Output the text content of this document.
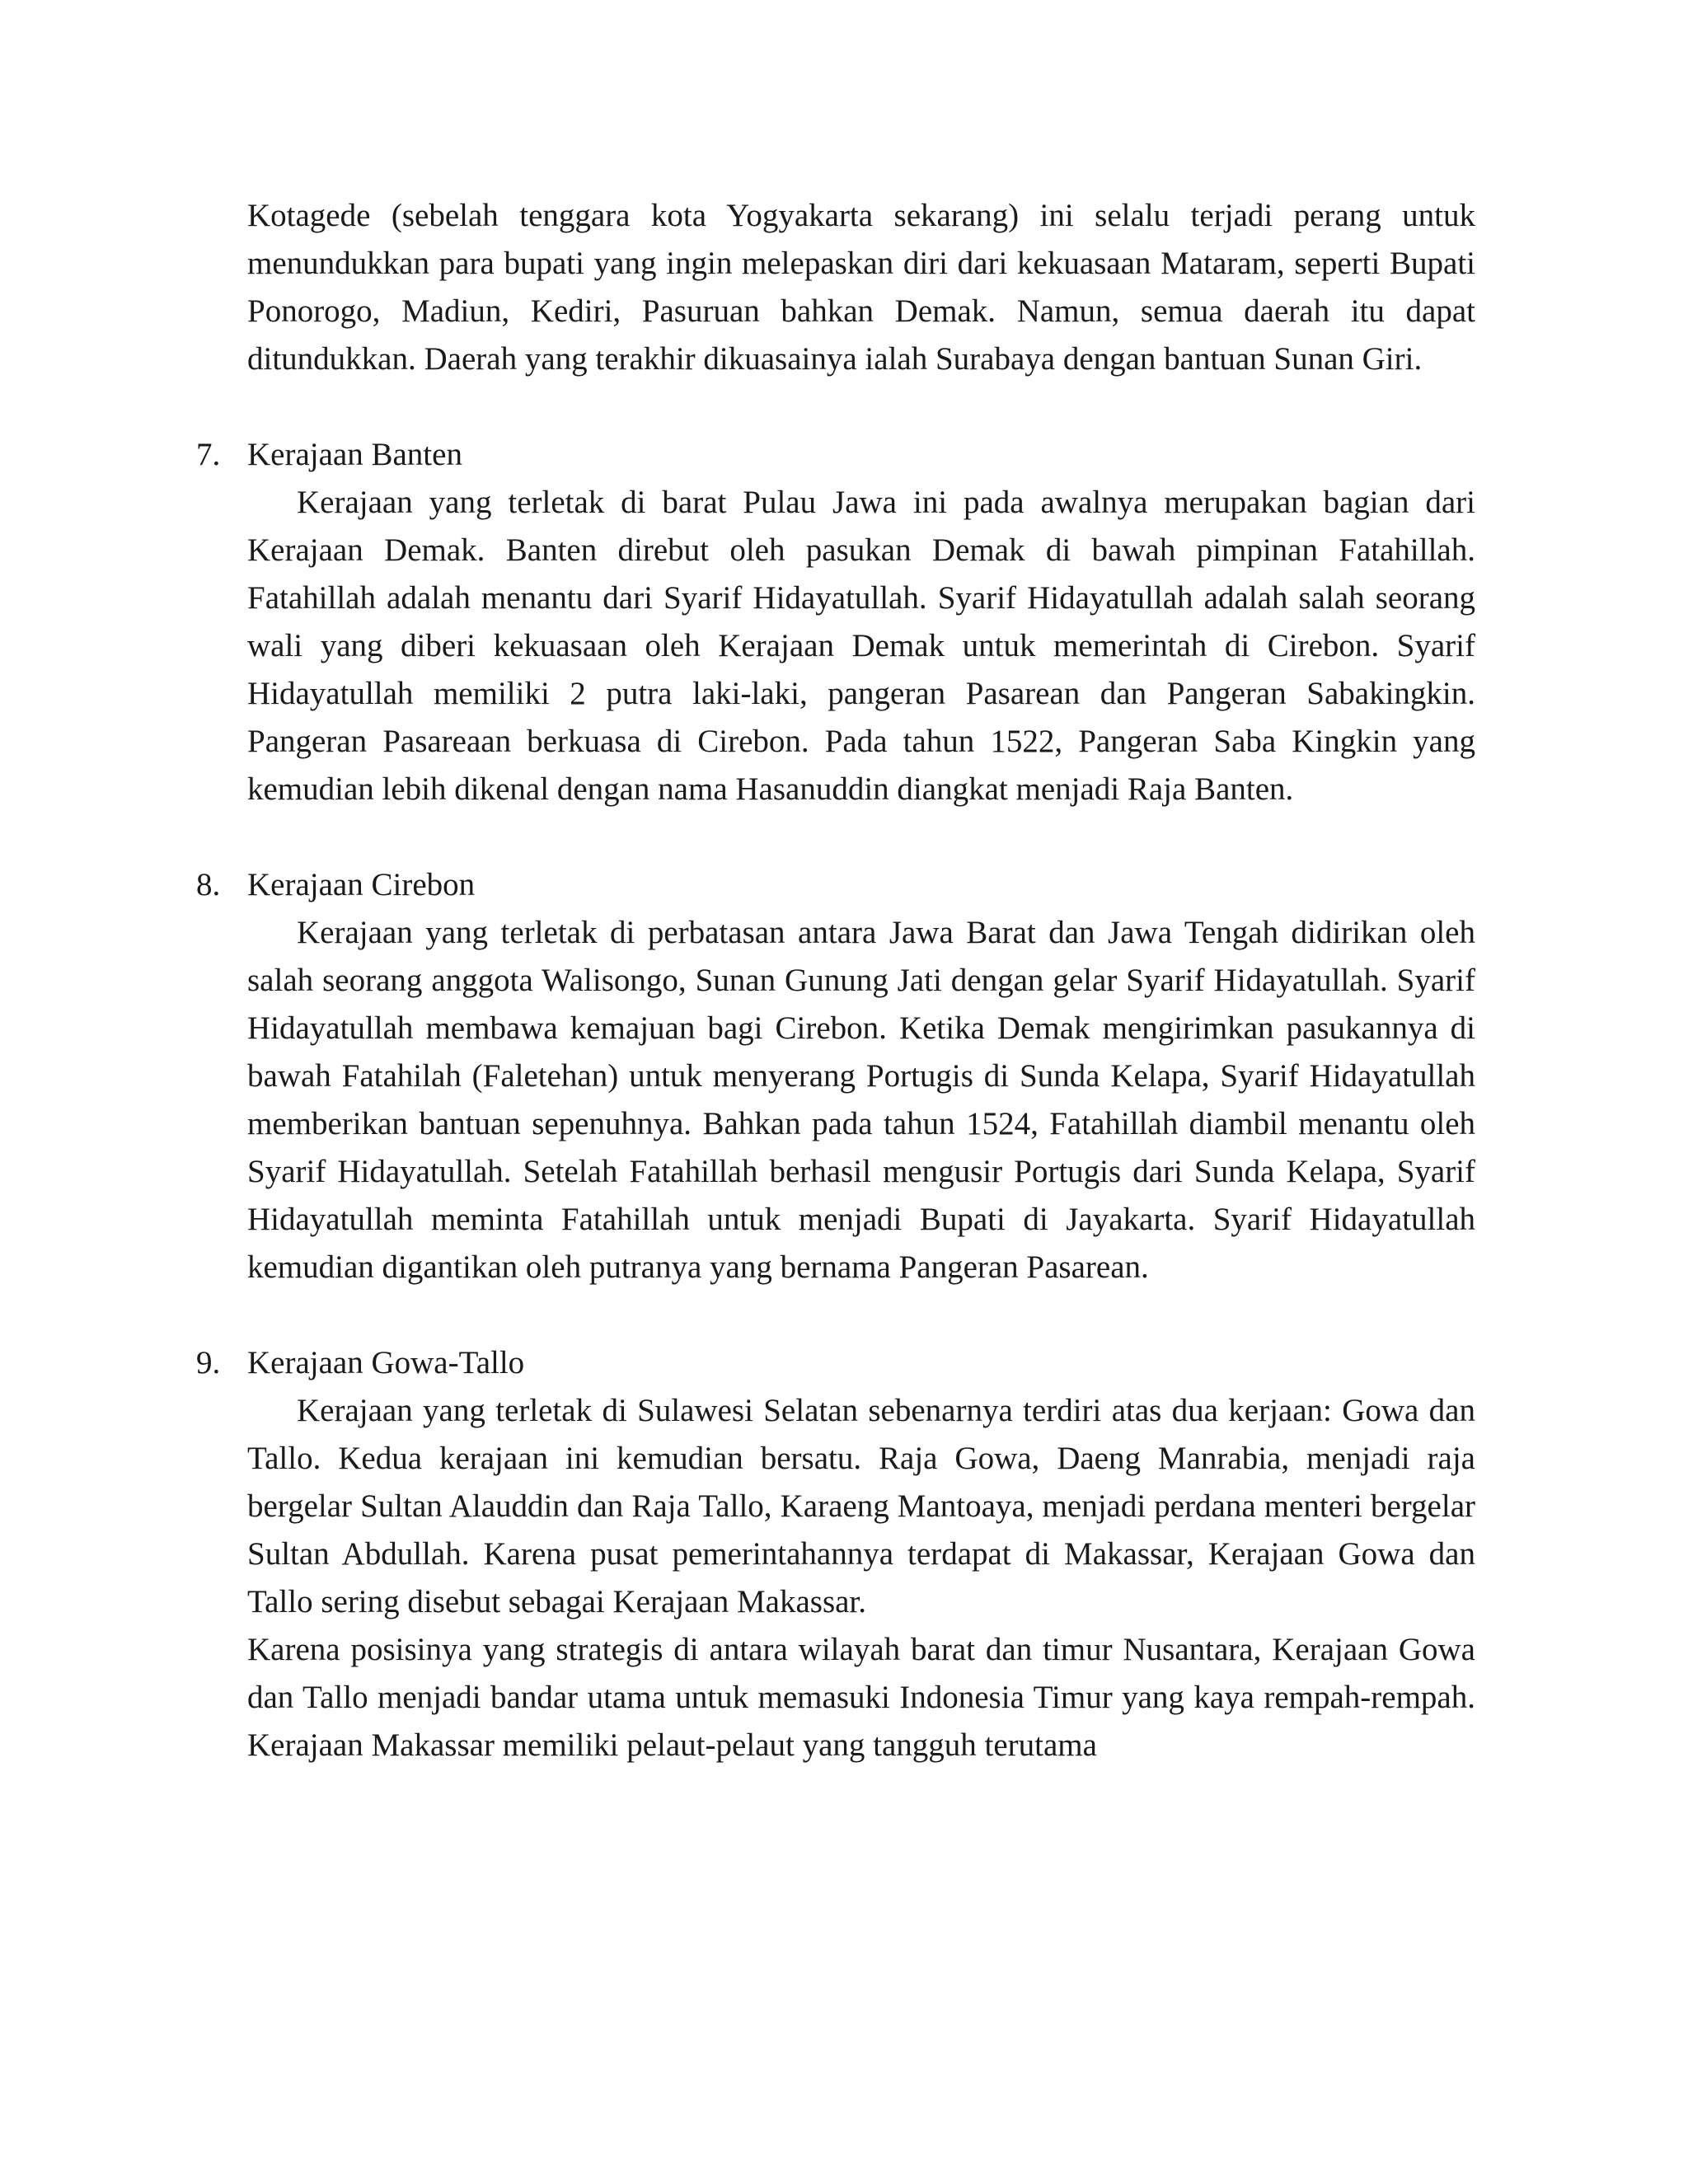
Kotagede (sebelah tenggara kota Yogyakarta sekarang) ini selalu terjadi perang untuk menundukkan para bupati yang ingin melepaskan diri dari kekuasaan Mataram, seperti Bupati Ponorogo, Madiun, Kediri, Pasuruan bahkan Demak. Namun, semua daerah itu dapat ditundukkan. Daerah yang terakhir dikuasainya ialah Surabaya dengan bantuan Sunan Giri.

7. Kerajaan Banten

Kerajaan yang terletak di barat Pulau Jawa ini pada awalnya merupakan bagian dari Kerajaan Demak. Banten direbut oleh pasukan Demak di bawah pimpinan Fatahillah. Fatahillah adalah menantu dari Syarif Hidayatullah. Syarif Hidayatullah adalah salah seorang wali yang diberi kekuasaan oleh Kerajaan Demak untuk memerintah di Cirebon. Syarif Hidayatullah memiliki 2 putra laki-laki, pangeran Pasarean dan Pangeran Sabakingkin. Pangeran Pasareaan berkuasa di Cirebon. Pada tahun 1522, Pangeran Saba Kingkin yang kemudian lebih dikenal dengan nama Hasanuddin diangkat menjadi Raja Banten.

8. Kerajaan Cirebon

Kerajaan yang terletak di perbatasan antara Jawa Barat dan Jawa Tengah didirikan oleh salah seorang anggota Walisongo, Sunan Gunung Jati dengan gelar Syarif Hidayatullah. Syarif Hidayatullah membawa kemajuan bagi Cirebon. Ketika Demak mengirimkan pasukannya di bawah Fatahilah (Faletehan) untuk menyerang Portugis di Sunda Kelapa, Syarif Hidayatullah memberikan bantuan sepenuhnya. Bahkan pada tahun 1524, Fatahillah diambil menantu oleh Syarif Hidayatullah. Setelah Fatahillah berhasil mengusir Portugis dari Sunda Kelapa, Syarif Hidayatullah meminta Fatahillah untuk menjadi Bupati di Jayakarta. Syarif Hidayatullah kemudian digantikan oleh putranya yang bernama Pangeran Pasarean.

9. Kerajaan Gowa-Tallo

Kerajaan yang terletak di Sulawesi Selatan sebenarnya terdiri atas dua kerjaan: Gowa dan Tallo. Kedua kerajaan ini kemudian bersatu. Raja Gowa, Daeng Manrabia, menjadi raja bergelar Sultan Alauddin dan Raja Tallo, Karaeng Mantoaya, menjadi perdana menteri bergelar Sultan Abdullah. Karena pusat pemerintahannya terdapat di Makassar, Kerajaan Gowa dan Tallo sering disebut sebagai Kerajaan Makassar.

Karena posisinya yang strategis di antara wilayah barat dan timur Nusantara, Kerajaan Gowa dan Tallo menjadi bandar utama untuk memasuki Indonesia Timur yang kaya rempah-rempah. Kerajaan Makassar memiliki pelaut-pelaut yang tangguh terutama
